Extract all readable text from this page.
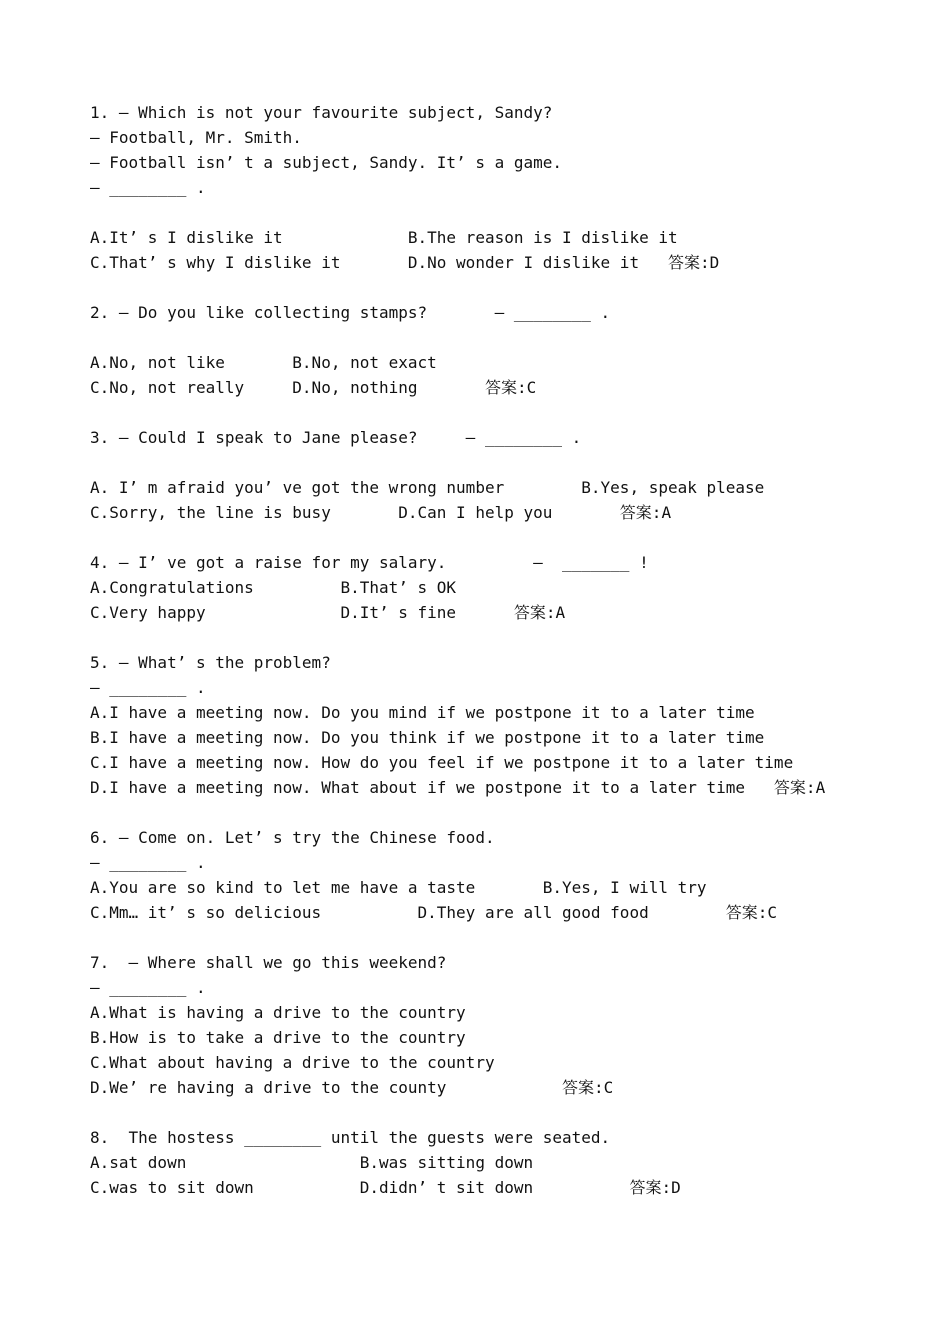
1. — Which is not your favourite subject, Sandy?
— Football, Mr. Smith.
— Football isn’ t a subject, Sandy. It’ s a game.
— ________ .
A.It’ s I dislike it             B.The reason is I dislike it
C.That’ s why I dislike it       D.No wonder I dislike it   答案:D
2. — Do you like collecting stamps?       — ________ .
A.No, not like       B.No, not exact
C.No, not really     D.No, nothing       答案:C
3. — Could I speak to Jane please?     — ________ .
A. I’ m afraid you’ ve got the wrong number        B.Yes, speak please
C.Sorry, the line is busy       D.Can I help you       答案:A
4. — I’ ve got a raise for my salary.         —  _______ !
A.Congratulations         B.That’ s OK
C.Very happy              D.It’ s fine      答案:A
5. — What’ s the problem?
— ________ .
A.I have a meeting now. Do you mind if we postpone it to a later time
B.I have a meeting now. Do you think if we postpone it to a later time
C.I have a meeting now. How do you feel if we postpone it to a later time
D.I have a meeting now. What about if we postpone it to a later time   答案:A
6. — Come on. Let’ s try the Chinese food.
— ________ .
A.You are so kind to let me have a taste       B.Yes, I will try
C.Mm… it’ s so delicious          D.They are all good food        答案:C
7.  — Where shall we go this weekend?
— ________ .
A.What is having a drive to the country
B.How is to take a drive to the country
C.What about having a drive to the country
D.We’ re having a drive to the county            答案:C
8.  The hostess ________ until the guests were seated.
A.sat down                  B.was sitting down
C.was to sit down           D.didn’ t sit down          答案:D
